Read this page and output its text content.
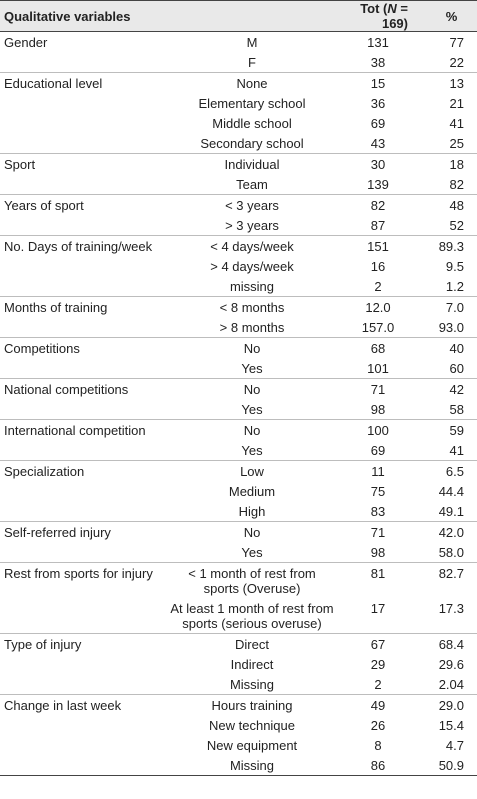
Qualitative variables		Tot (N = 169)	%
Gender	M	131	77
	F	38	22
Educational level	None	15	13
	Elementary school	36	21
	Middle school	69	41
	Secondary school	43	25
Sport	Individual	30	18
	Team	139	82
Years of sport	< 3 years	82	48
	> 3 years	87	52
No. Days of training/week	< 4 days/week	151	89.3
	> 4 days/week	16	9.5
	missing	2	1.2
Months of training	< 8 months	12.0	7.0
	> 8 months	157.0	93.0
Competitions	No	68	40
	Yes	101	60
National competitions	No	71	42
	Yes	98	58
International competition	No	100	59
	Yes	69	41
Specialization	Low	11	6.5
	Medium	75	44.4
	High	83	49.1
Self-referred injury	No	71	42.0
	Yes	98	58.0
Rest from sports for injury	< 1 month of rest from sports (Overuse)	81	82.7
	At least 1 month of rest from sports (serious overuse)	17	17.3
Type of injury	Direct	67	68.4
	Indirect	29	29.6
	Missing	2	2.04
Change in last week	Hours training	49	29.0
	New technique	26	15.4
	New equipment	8	4.7
	Missing	86	50.9
